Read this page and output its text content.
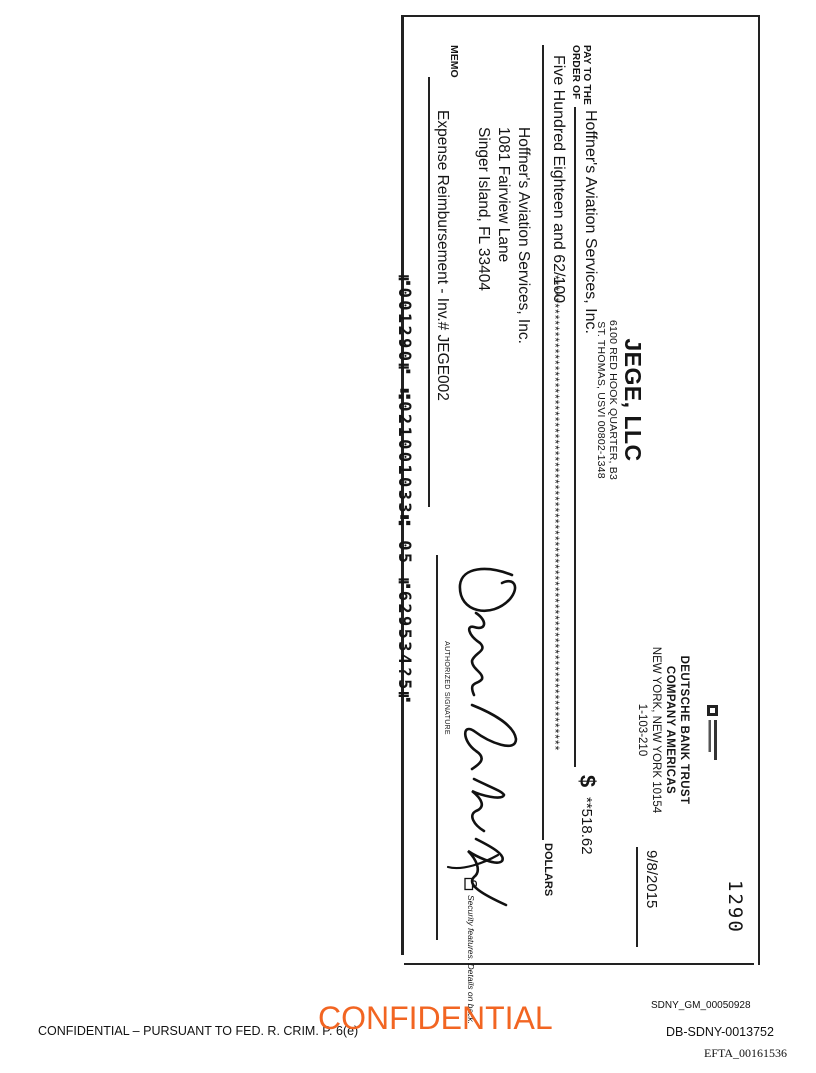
JEGE, LLC
6100 RED HOOK QUARTER, B3
ST. THOMAS, USVI 00802-1348
DEUTSCHE BANK TRUST
COMPANY AMERICAS
NEW YORK, NEW YORK 10154
1-103-210
1290
9/8/2015
PAY TO THE
ORDER OF
Hoffner's Aviation Services, Inc.
$
**518.62
Five Hundred Eighteen and 62/100
************************************************************************************
DOLLARS
Hoffner's Aviation Services, Inc.
1081 Fairview Lane
Singer Island, FL 33404
MEMO
Expense Reimbursement - Inv.# JEGE002
AUTHORIZED SIGNATURE
Security features. Details on back.
⑈001290⑈ ⑆021001033⑆ 05 ⑈629534?5⑈
CONFIDENTIAL – PURSUANT TO FED. R. CRIM. P. 6(e)
CONFIDENTIAL	SDNY_GM_00050928
DB-SDNY-0013752
EFTA_00161536
